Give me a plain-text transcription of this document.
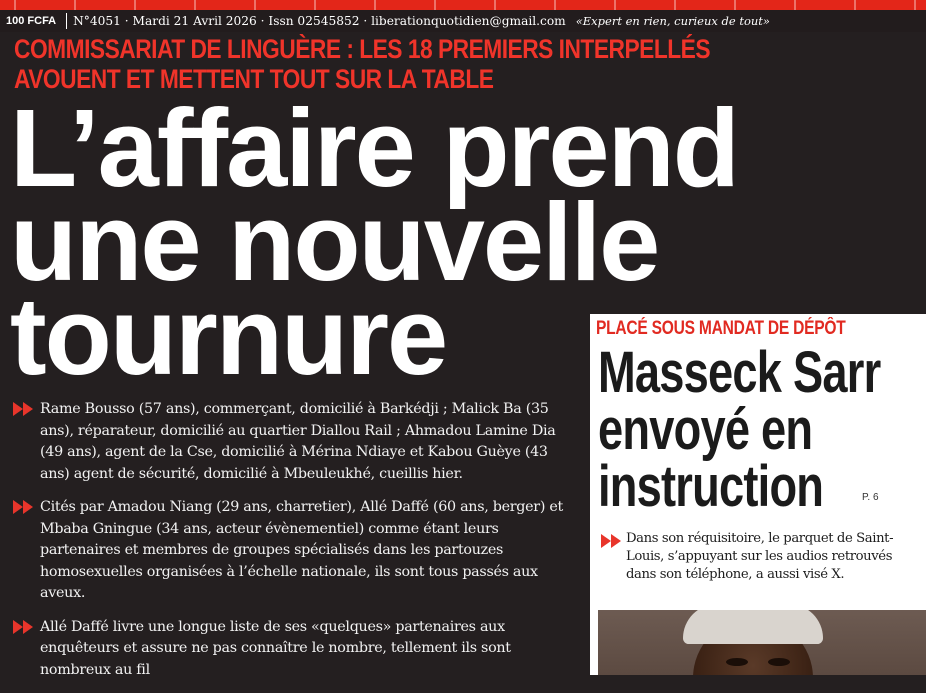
100 FCFA	N°4051 · Mardi 21 Avril 2026 · Issn 02545852 · liberationquotidien@gmail.com «Expert en rien, curieux de tout»
COMMISSARIAT DE LINGUÈRE : LES 18 PREMIERS INTERPELLÉS
AVOUENT ET METTENT TOUT SUR LA TABLE
L’affaire prend
une nouvelle
tournure
Rame Bousso (57 ans), commerçant, domicilié à Barkédji ; Malick Ba (35 ans), réparateur, domicilié au quartier Diallou Rail ; Ahmadou Lamine Dia (49 ans), agent de la Cse, domicilié à Mérina Ndiaye et Kabou Guèye (43 ans) agent de sécurité, domicilié à Mbeuleukhé, cueillis hier.
Cités par Amadou Niang (29 ans, charretier), Allé Daffé (60 ans, berger) et Mbaba Gningue (34 ans, acteur évènementiel) comme étant leurs partenaires et membres de groupes spécialisés dans les partouzes homosexuelles organisées à l’échelle nationale, ils sont tous passés aux aveux.
Allé Daffé livre une longue liste de ses «quelques» partenaires aux enquêteurs et assure ne pas connaître le nombre, tellement ils sont nombreux au fil
PLACÉ SOUS MANDAT DE DÉPÔT
Masseck Sarr
envoyé en
instruction	P. 6
Dans son réquisitoire, le parquet de Saint-Louis, s’appuyant sur les audios retrouvés dans son téléphone, a aussi visé X.
